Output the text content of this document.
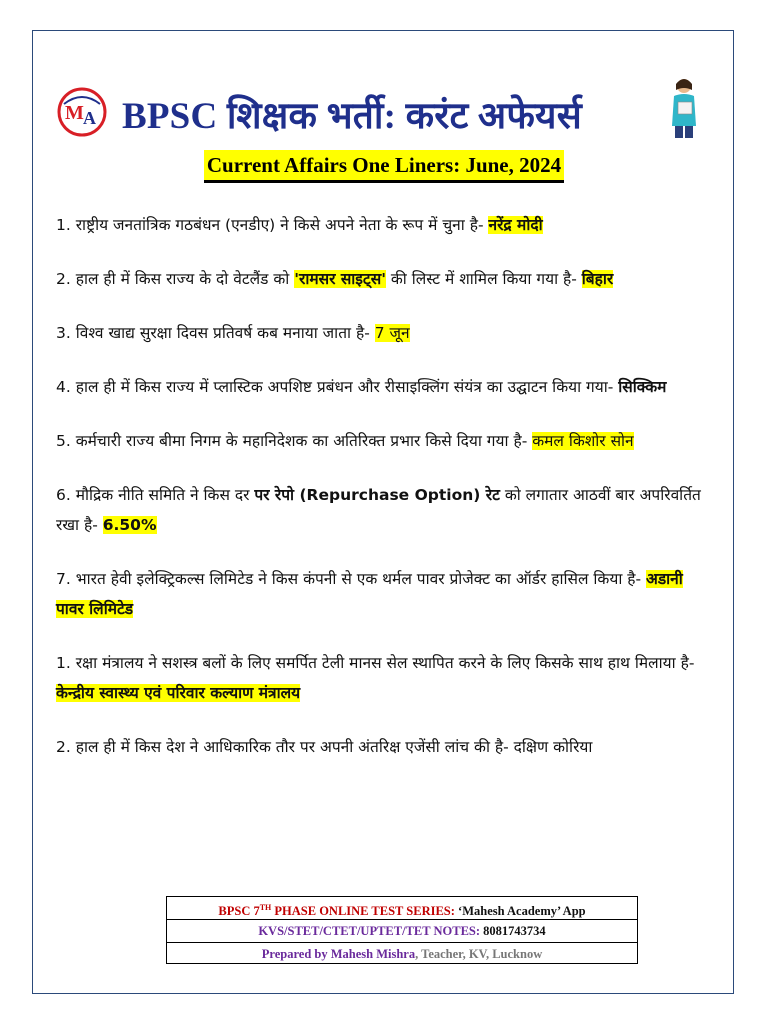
M A BPSC शिक्षक भर्ती: करंट अफेयर्स
Current Affairs One Liners: June, 2024

1. राष्ट्रीय जनतांत्रिक गठबंधन (एनडीए) ने किसे अपने नेता के रूप में चुना है- नरेंद्र मोदी

2. हाल ही में किस राज्य के दो वेटलैंड को 'रामसर साइट्स' की लिस्ट में शामिल किया गया है- बिहार

3. विश्व खाद्य सुरक्षा दिवस प्रतिवर्ष कब मनाया जाता है- 7 जून

4. हाल ही में किस राज्य में प्लास्टिक अपशिष्ट प्रबंधन और रीसाइक्लिंग संयंत्र का उद्घाटन किया गया- सिक्किम

5. कर्मचारी राज्य बीमा निगम के महानिदेशक का अतिरिक्त प्रभार किसे दिया गया है- कमल किशोर सोन

6. मौद्रिक नीति समिति ने किस दर पर रेपो (Repurchase Option) रेट को लगातार आठवीं बार अपरिवर्तित रखा है- 6.50%

7. भारत हेवी इलेक्ट्रिकल्स लिमिटेड ने किस कंपनी से एक थर्मल पावर प्रोजेक्ट का ऑर्डर हासिल किया है- अडानी पावर लिमिटेड

1. रक्षा मंत्रालय ने सशस्त्र बलों के लिए समर्पित टेली मानस सेल स्थापित करने के लिए किसके साथ हाथ मिलाया है- केन्द्रीय स्वास्थ्य एवं परिवार कल्याण मंत्रालय

2. हाल ही में किस देश ने आधिकारिक तौर पर अपनी अंतरिक्ष एजेंसी लांच की है- दक्षिण कोरिया

BPSC 7TH PHASE ONLINE TEST SERIES: ‘Mahesh Academy’ App
KVS/STET/CTET/UPTET/TET NOTES: 8081743734
Prepared by Mahesh Mishra, Teacher, KV, Lucknow
